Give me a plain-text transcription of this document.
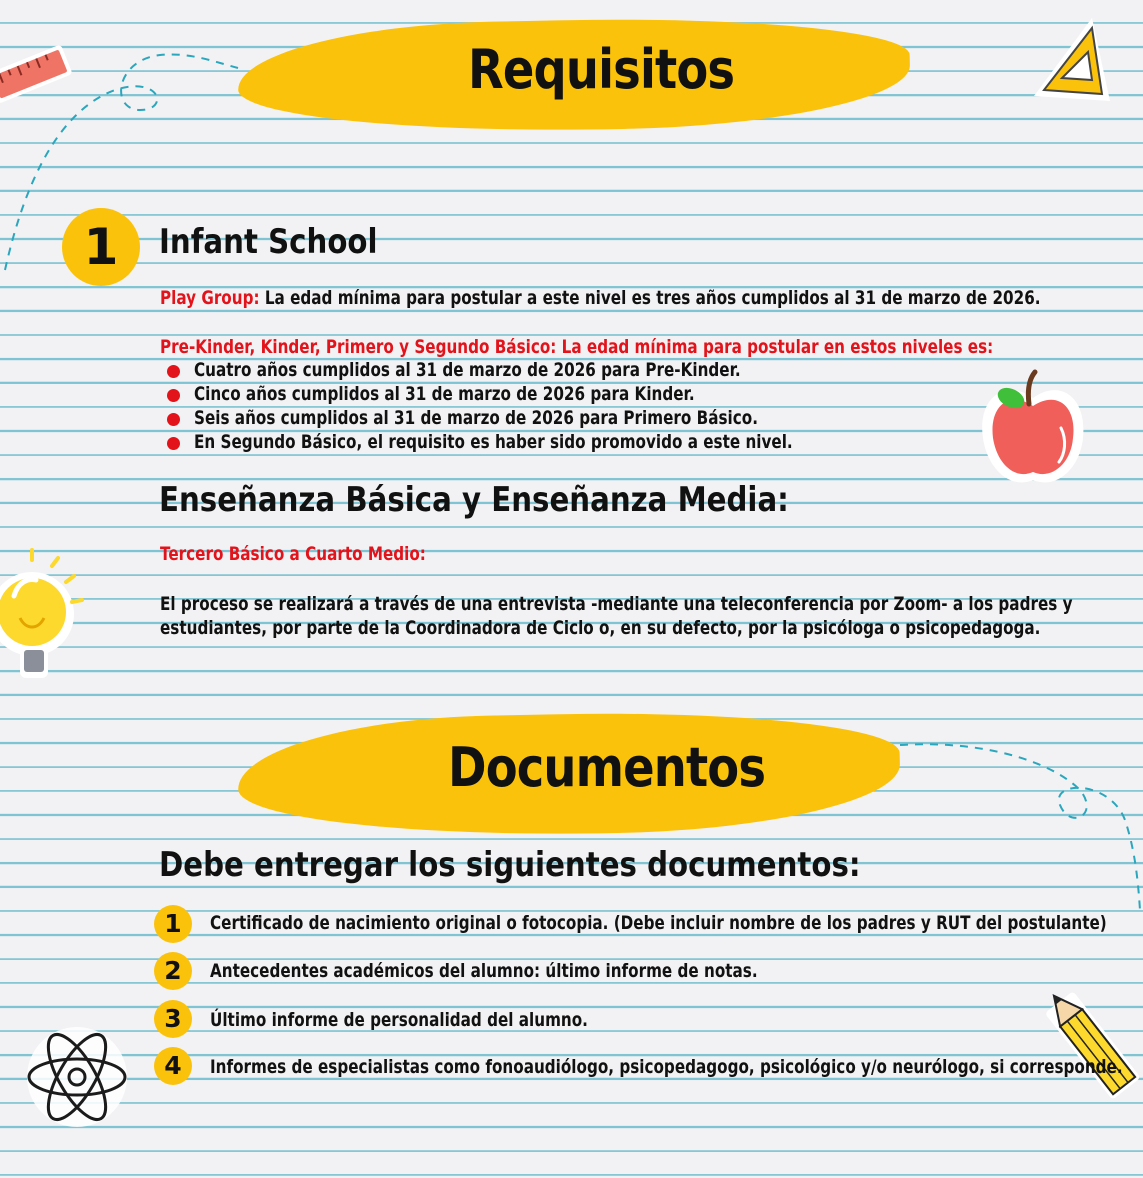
Requisitos
1	Infant School
Play Group: La edad mínima para postular a este nivel es tres años cumplidos al 31 de marzo de 2026.
Pre-Kinder, Kinder, Primero y Segundo Básico: La edad mínima para postular en estos niveles es:
Cuatro años cumplidos al 31 de marzo de 2026 para Pre-Kinder.
Cinco años cumplidos al 31 de marzo de 2026 para Kinder.
Seis años cumplidos al 31 de marzo de 2026 para Primero Básico.
En Segundo Básico, el requisito es haber sido promovido a este nivel.
Enseñanza Básica y Enseñanza Media:
Tercero Básico a Cuarto Medio:
El proceso se realizará a través de una entrevista -mediante una teleconferencia por Zoom- a los padres y
estudiantes, por parte de la Coordinadora de Ciclo o, en su defecto, por la psicóloga o psicopedagoga.
Documentos
Debe entregar los siguientes documentos:
1	Certificado de nacimiento original o fotocopia. (Debe incluir nombre de los padres y RUT del postulante)
2	Antecedentes académicos del alumno: último informe de notas.
3	Último informe de personalidad del alumno.
4	Informes de especialistas como fonoaudiólogo, psicopedagogo, psicológico y/o neurólogo, si corresponde.
